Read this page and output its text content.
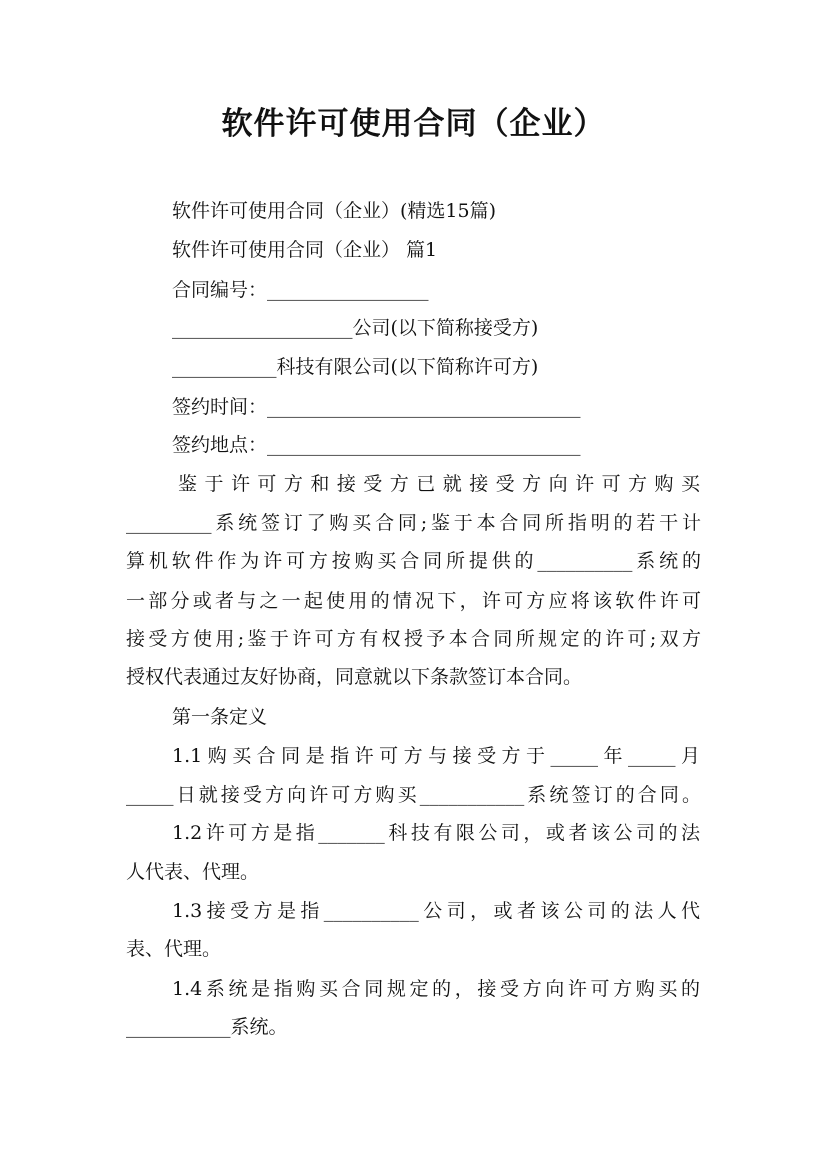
软件许可使用合同（企业）
软件许可使用合同（企业）(精选15篇)
软件许可使用合同（企业） 篇1
合同编号：_________________
___________________公司(以下简称接受方)
___________科技有限公司(以下简称许可方)
签约时间：_________________________________
签约地点：_________________________________
鉴于许可方和接受方已就接受方向许可方购买
_________系统签订了购买合同;鉴于本合同所指明的若干计
算机软件作为许可方按购买合同所提供的__________系统的
一部分或者与之一起使用的情况下，许可方应将该软件许可
接受方使用;鉴于许可方有权授予本合同所规定的许可;双方
授权代表通过友好协商，同意就以下条款签订本合同。
第一条定义
1.1购买合同是指许可方与接受方于_____年_____月
_____日就接受方向许可方购买___________系统签订的合同。
1.2许可方是指_______科技有限公司，或者该公司的法
人代表、代理。
1.3接受方是指__________公司，或者该公司的法人代
表、代理。
1.4系统是指购买合同规定的，接受方向许可方购买的
___________系统。
